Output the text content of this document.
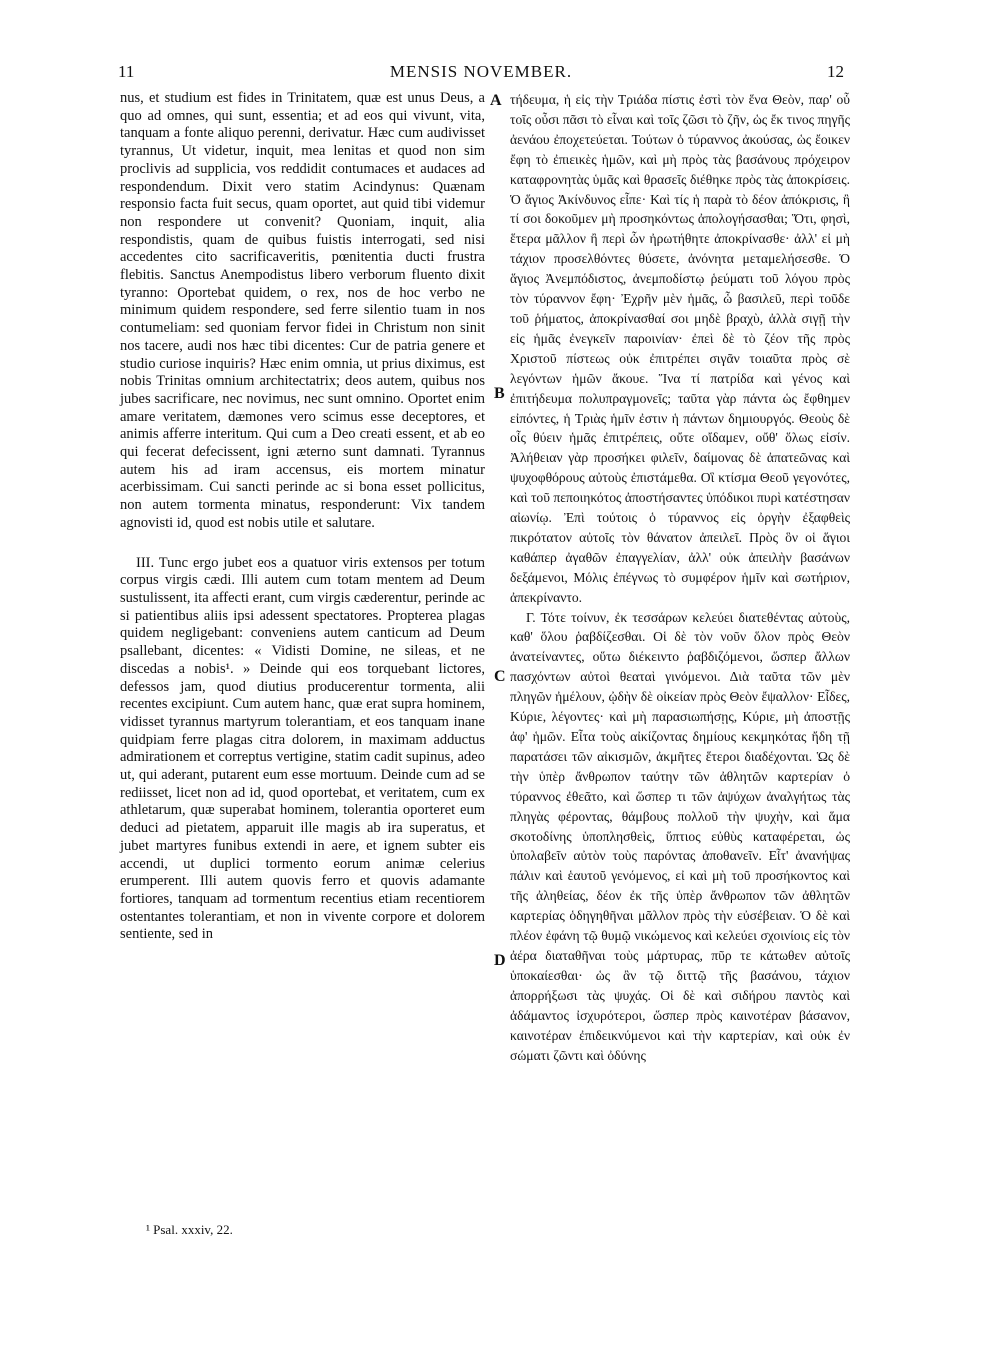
11	MENSIS NOVEMBER.	12

nus, et studium est fides in Trinitatem, quæ est unus Deus, a quo ad omnes, qui sunt, essentia; et ad eos qui vivunt, vita, tanquam a fonte aliquo perenni, derivatur. Hæc cum audivisset tyrannus, Ut videtur, inquit, mea lenitas et quod non sim proclivis ad supplicia, vos reddidit contumaces et audaces ad respondendum. Dixit vero statim Acindynus: Quænam responsio facta fuit secus, quam oportet, aut quid tibi videmur non respondere ut convenit? Quoniam, inquit, alia respondistis, quam de quibus fuistis interrogati, sed nisi accedentes cito sacrificaveritis, pœnitentia ducti frustra flebitis. Sanctus Anempodistus libero verborum fluento dixit tyranno: Oportebat quidem, o rex, nos de hoc verbo ne minimum quidem respondere, sed ferre silentio tuam in nos contumeliam: sed quoniam fervor fidei in Christum non sinit nos tacere, audi nos hæc tibi dicentes: Cur de patria genere et studio curiose inquiris? Hæc enim omnia, ut prius diximus, est nobis Trinitas omnium architectatrix; deos autem, quibus nos jubes sacrificare, nec novimus, nec sunt omnino. Oportet enim amare veritatem, dæmones vero scimus esse deceptores, et animis afferre interitum. Qui cum a Deo creati essent, et ab eo qui fecerat defecissent, igni æterno sunt damnati. Tyrannus autem his ad iram accensus, eis mortem minatur acerbissimam. Cui sancti perinde ac si bona esset pollicitus, non autem tormenta minatus, responderunt: Vix tandem agnovisti id, quod est nobis utile et salutare.

III. Tunc ergo jubet eos a quatuor viris extensos per totum corpus virgis cædi. Illi autem cum totam mentem ad Deum sustulissent, ita affecti erant, cum virgis cæderentur, perinde ac si patientibus aliis ipsi adessent spectatores. Propterea plagas quidem negligebant: conveniens autem canticum ad Deum psallebant, dicentes: « Vidisti Domine, ne sileas, et ne discedas a nobis¹. » Deinde qui eos torquebant lictores, defessos jam, quod diutius producerentur tormenta, alii recentes excipiunt. Cum autem hanc, quæ erat supra hominem, vidisset tyrannus martyrum tolerantiam, et eos tanquam inane quidpiam ferre plagas citra dolorem, in maximam adductus admirationem et correptus vertigine, statim cadit supinus, adeo ut, qui aderant, putarent eum esse mortuum. Deinde cum ad se rediisset, licet non ad id, quod oportebat, et veritatem, cum ex athletarum, quæ superabat hominem, tolerantia oporteret eum deduci ad pietatem, apparuit ille magis ab ira superatus, et jubet martyres funibus extendi in aere, et ignem subter eis accendi, ut duplici tormento eorum animæ celerius erumperent. Illi autem quovis ferro et quovis adamante fortiores, tanquam ad tormentum recentius etiam recentiorem ostentantes tolerantiam, et non in vivente corpore et dolorem sentiente, sed in

τήδευμα, ἡ εἰς τὴν Τριάδα πίστις ἐστὶ τὸν ἕνα Θεὸν, παρ' οὗ τοῖς οὖσι πᾶσι τὸ εἶναι καὶ τοῖς ζῶσι τὸ ζῆν, ὡς ἔκ τινος πηγῆς ἀενάου ἐποχετεύεται. Τούτων ὁ τύραννος ἀκούσας, ὡς ἔοικεν ἔφη τὸ ἐπιεικὲς ἡμῶν, καὶ μὴ πρὸς τὰς βασάνους πρόχειρον καταφρονητὰς ὑμᾶς καὶ θρασεῖς διέθηκε πρὸς τὰς ἀποκρίσεις. Ὁ ἅγιος Ἀκίνδυνος εἶπε· Καὶ τίς ἡ παρὰ τὸ δέον ἀπόκρισις, ἢ τί σοι δοκοῦμεν μὴ προσηκόντως ἀπολογήσασθαι; Ὅτι, φησὶ, ἕτερα μᾶλλον ἢ περὶ ὧν ἠρωτήθητε ἀποκρίνασθε· ἀλλ' εἰ μὴ τάχιον προσελθόντες θύσετε, ἀνόνητα μεταμελήσεσθε. Ὁ ἅγιος Ἀνεμπόδιστος, ἀνεμποδίστῳ ῥεύματι τοῦ λόγου πρὸς τὸν τύραννον ἔφη· Ἐχρῆν μὲν ἡμᾶς, ὦ βασιλεῦ, περὶ τοῦδε τοῦ ῥήματος, ἀποκρίνασθαί σοι μηδὲ βραχὺ, ἀλλὰ σιγῇ τὴν εἰς ἡμᾶς ἐνεγκεῖν παροινίαν· ἐπεὶ δὲ τὸ ζέον τῆς πρὸς Χριστοῦ πίστεως οὐκ ἐπιτρέπει σιγᾶν τοιαῦτα πρὸς σὲ λεγόντων ἡμῶν ἄκουε. Ἵνα τί πατρίδα καὶ γένος καὶ ἐπιτήδευμα πολυπραγμονεῖς; ταῦτα γὰρ πάντα ὡς ἔφθημεν εἰπόντες, ἡ Τριὰς ἡμῖν ἐστιν ἡ πάντων δημιουργός. Θεοὺς δὲ οἷς θύειν ἡμᾶς ἐπιτρέπεις, οὔτε οἴδαμεν, οὔθ' ὅλως εἰσίν. Ἀλήθειαν γὰρ προσήκει φιλεῖν, δαίμονας δὲ ἀπατεῶνας καὶ ψυχοφθόρους αὐτοὺς ἐπιστάμεθα. Οἳ κτίσμα Θεοῦ γεγονότες, καὶ τοῦ πεποιηκότος ἀποστήσαντες ὑπόδικοι πυρὶ κατέστησαν αἰωνίῳ. Ἐπὶ τούτοις ὁ τύραννος εἰς ὀργὴν ἐξαφθεὶς πικρότατον αὐτοῖς τὸν θάνατον ἀπειλεῖ. Πρὸς ὃν οἱ ἅγιοι καθάπερ ἀγαθῶν ἐπαγγελίαν, ἀλλ' οὐκ ἀπειλὴν βασάνων δεξάμενοι, Μόλις ἐπέγνως τὸ συμφέρον ἡμῖν καὶ σωτήριον, ἀπεκρίναντο.

Γ. Τότε τοίνυν, ἐκ τεσσάρων κελεύει διατεθέντας αὐτοὺς, καθ' ὅλου ῥαβδίζεσθαι. Οἱ δὲ τὸν νοῦν ὅλον πρὸς Θεὸν ἀνατείναντες, οὕτω διέκειντο ῥαβδιζόμενοι, ὥσπερ ἄλλων πασχόντων αὐτοὶ θεαταὶ γινόμενοι. Διὰ ταῦτα τῶν μὲν πληγῶν ἠμέλουν, ᾠδὴν δὲ οἰκείαν πρὸς Θεὸν ἔψαλλον· Εἶδες, Κύριε, λέγοντες· καὶ μὴ παρασιωπήσῃς, Κύριε, μὴ ἀποστῇς ἀφ' ἡμῶν. Εἶτα τοὺς αἰκίζοντας δημίους κεκμηκότας ἤδη τῇ παρατάσει τῶν αἰκισμῶν, ἀκμῆτες ἕτεροι διαδέχονται. Ὡς δὲ τὴν ὑπὲρ ἄνθρωπον ταύτην τῶν ἀθλητῶν καρτερίαν ὁ τύραννος ἐθεᾶτο, καὶ ὥσπερ τι τῶν ἀψύχων ἀναλγήτως τὰς πληγὰς φέροντας, θάμβους πολλοῦ τὴν ψυχὴν, καὶ ἅμα σκοτοδίνης ὑποπλησθεὶς, ὕπτιος εὐθὺς καταφέρεται, ὡς ὑπολαβεῖν αὐτὸν τοὺς παρόντας ἀποθανεῖν. Εἶτ' ἀνανήψας πάλιν καὶ ἑαυτοῦ γενόμενος, εἰ καὶ μὴ τοῦ προσήκοντος καὶ τῆς ἀληθείας, δέον ἐκ τῆς ὑπὲρ ἄνθρωπον τῶν ἀθλητῶν καρτερίας ὁδηγηθῆναι μᾶλλον πρὸς τὴν εὐσέβειαν. Ὁ δὲ καὶ πλέον ἐφάνη τῷ θυμῷ νικώμενος καὶ κελεύει σχοινίοις εἰς τὸν ἀέρα διαταθῆναι τοὺς μάρτυρας, πῦρ τε κάτωθεν αὐτοῖς ὑποκαίεσθαι· ὡς ἂν τῷ διττῷ τῆς βασάνου, τάχιον ἀπορρήξωσι τὰς ψυχάς. Οἱ δὲ καὶ σιδήρου παντὸς καὶ ἀδάμαντος ἰσχυρότεροι, ὥσπερ πρὸς καινοτέραν βάσανον, καινοτέραν ἐπιδεικνύμενοι καὶ τὴν καρτερίαν, καὶ οὐκ ἐν σώματι ζῶντι καὶ ὀδύνης

A
B
C
D
¹ Psal. xxxiv, 22.
